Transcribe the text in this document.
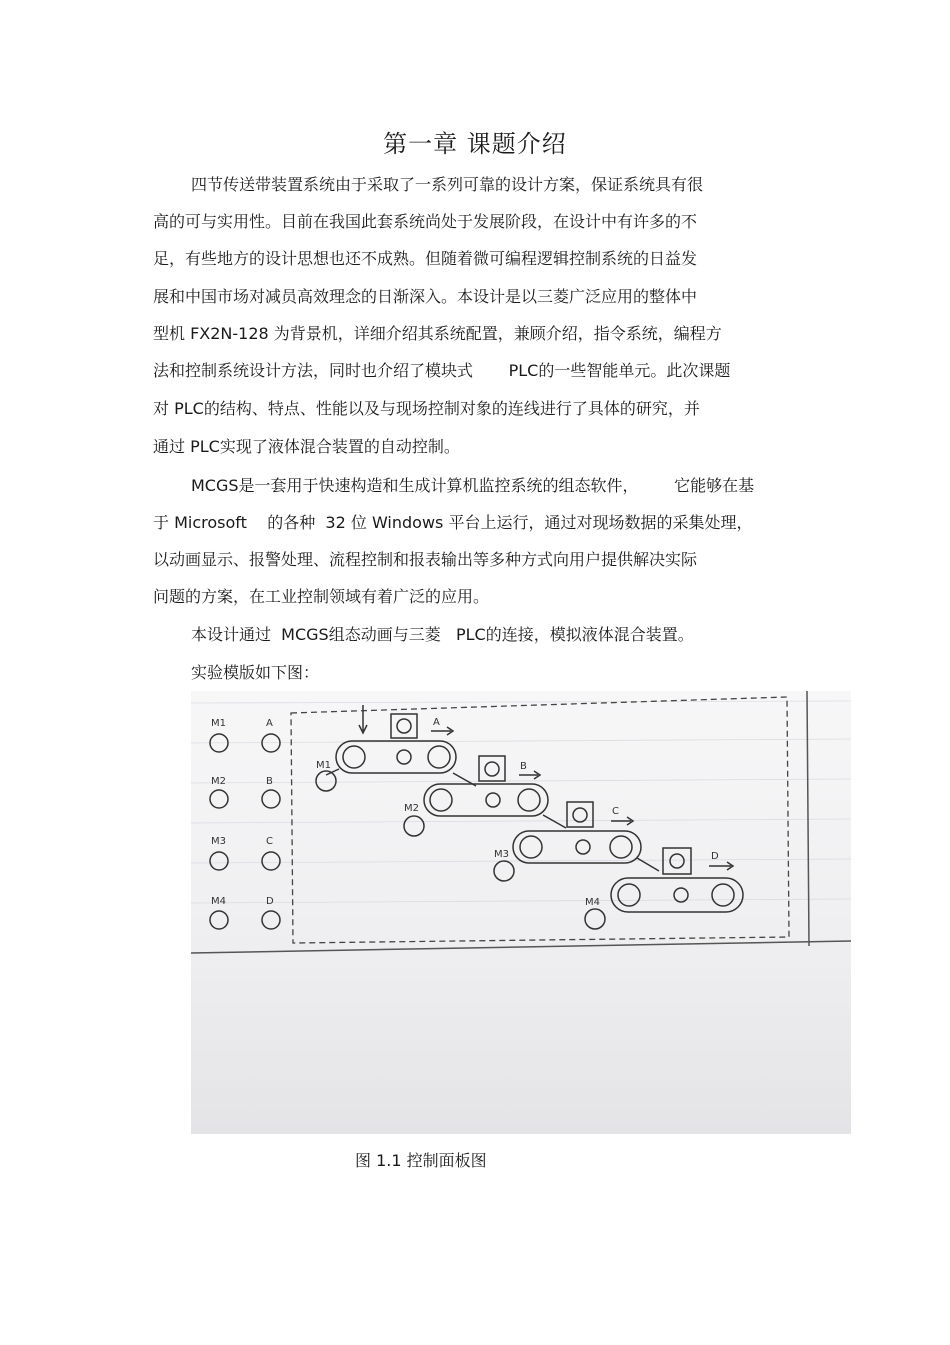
第一章 课题介绍
四节传送带装置系统由于采取了一系列可靠的设计方案，保证系统具有很
高的可与实用性。目前在我国此套系统尚处于发展阶段，在设计中有许多的不
足，有些地方的设计思想也还不成熟。但随着微可编程逻辑控制系统的日益发
展和中国市场对减员高效理念的日渐深入。本设计是以三菱广泛应用的整体中
型机 FX2N-128 为背景机，详细介绍其系统配置，兼顾介绍，指令系统，编程方
法和控制系统设计方法，同时也介绍了模块式       PLC的一些智能单元。此次课题
对 PLC的结构、特点、性能以及与现场控制对象的连线进行了具体的研究，并
通过 PLC实现了液体混合装置的自动控制。
MCGS是一套用于快速构造和生成计算机监控系统的组态软件，       它能够在基
于 Microsoft    的各种  32 位 Windows 平台上运行，通过对现场数据的采集处理，
以动画显示、报警处理、流程控制和报表输出等多种方式向用户提供解决实际
问题的方案，在工业控制领域有着广泛的应用。
本设计通过  MCGS组态动画与三菱   PLC的连接，模拟液体混合装置。
实验模版如下图：
M1
M2
M3
M4
A
B
C
D
A
M1	B
M2	C
M3	D
M4
图 1.1 控制面板图
